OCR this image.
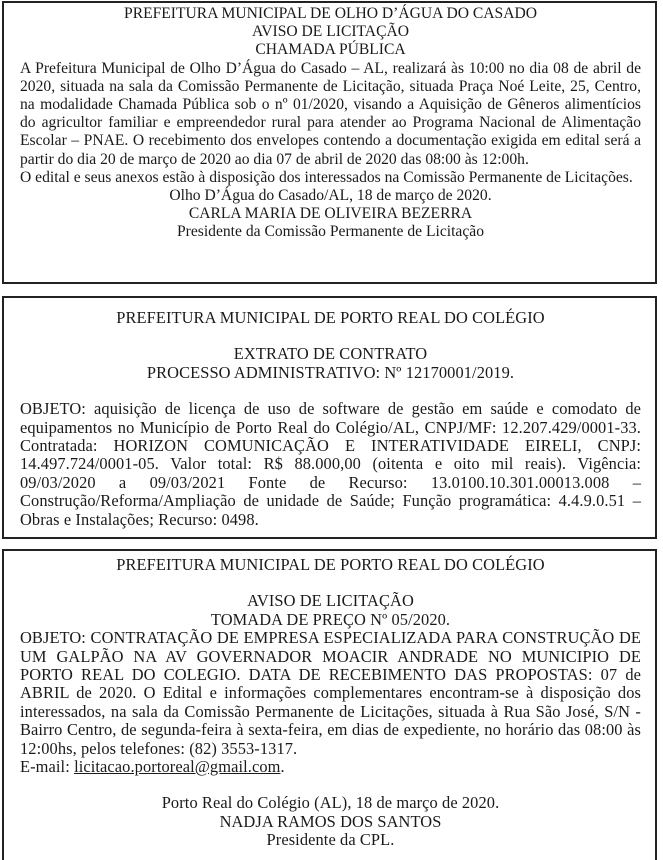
PREFEITURA MUNICIPAL DE OLHO D’ÁGUA DO CASADO
AVISO DE LICITAÇÃO
CHAMADA PÚBLICA
A Prefeitura Municipal de Olho D’Água do Casado – AL, realizará às 10:00 no dia 08 de abril de 2020, situada na sala da Comissão Permanente de Licitação, situada Praça Noé Leite, 25, Centro, na modalidade Chamada Pública sob o nº 01/2020, visando a Aquisição de Gêneros alimentícios do agricultor familiar e empreendedor rural para atender ao Programa Nacional de Alimentação Escolar – PNAE. O recebimento dos envelopes contendo a documentação exigida em edital será a partir do dia 20 de março de 2020 ao dia 07 de abril de 2020 das 08:00 às 12:00h.
O edital e seus anexos estão à disposição dos interessados na Comissão Permanente de Licitações.
Olho D’Água do Casado/AL, 18 de março de 2020.
CARLA MARIA DE OLIVEIRA BEZERRA
Presidente da Comissão Permanente de Licitação
PREFEITURA MUNICIPAL DE PORTO REAL DO COLÉGIO
EXTRATO DE CONTRATO
PROCESSO ADMINISTRATIVO: Nº 12170001/2019.
OBJETO: aquisição de licença de uso de software de gestão em saúde e comodato de equipamentos no Município de Porto Real do Colégio/AL, CNPJ/MF: 12.207.429/0001-33. Contratada: HORIZON COMUNICAÇÃO E INTERATIVIDADE EIRELI, CNPJ: 14.497.724/0001-05. Valor total: R$ 88.000,00 (oitenta e oito mil reais). Vigência: 09/03/2020 a 09/03/2021 Fonte de Recurso: 13.0100.10.301.00013.008 – Construção/Reforma/Ampliação de unidade de Saúde; Função programática: 4.4.9.0.51 – Obras e Instalações; Recurso: 0498.
PREFEITURA MUNICIPAL DE PORTO REAL DO COLÉGIO
AVISO DE LICITAÇÃO
TOMADA DE PREÇO Nº 05/2020.
OBJETO: CONTRATAÇÃO DE EMPRESA ESPECIALIZADA PARA CONSTRUÇÃO DE UM GALPÃO NA AV GOVERNADOR MOACIR ANDRADE NO MUNICIPIO DE PORTO REAL DO COLEGIO. DATA DE RECEBIMENTO DAS PROPOSTAS: 07 de ABRIL de 2020. O Edital e informações complementares encontram-se à disposição dos interessados, na sala da Comissão Permanente de Licitações, situada à Rua São José, S/N - Bairro Centro, de segunda-feira à sexta-feira, em dias de expediente, no horário das 08:00 às 12:00hs, pelos telefones: (82) 3553-1317.
E-mail: licitacao.portoreal@gmail.com.
Porto Real do Colégio (AL), 18 de março de 2020.
NADJA RAMOS DOS SANTOS
Presidente da CPL.
